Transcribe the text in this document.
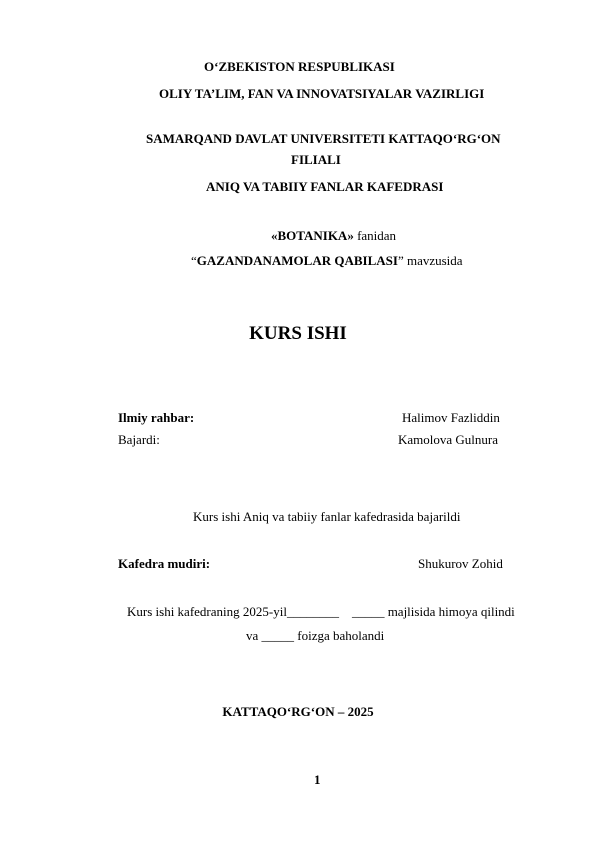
O‘ZBEKISTON RESPUBLIKASI
OLIY TA’LIM, FAN VA INNOVATSIYALAR VAZIRLIGI
SAMARQAND DAVLAT UNIVERSITETI KATTAQO‘RG‘ON
FILIALI
ANIQ VA TABIIY FANLAR KAFEDRASI
«BOTANIKA» fanidan
“GAZANDANAMOLAR QABILASI” mavzusida
KURS ISHI
Ilmiy rahbar:	Halimov Fazliddin
Bajardi:	Kamolova Gulnura
Kurs ishi Aniq va tabiiy fanlar kafedrasida bajarildi
Kafedra mudiri:	Shukurov Zohid
Kurs ishi kafedraning 2025-yil________    _____ majlisida himoya qilindi
va _____ foizga baholandi
KATTAQO‘RG‘ON – 2025
1
